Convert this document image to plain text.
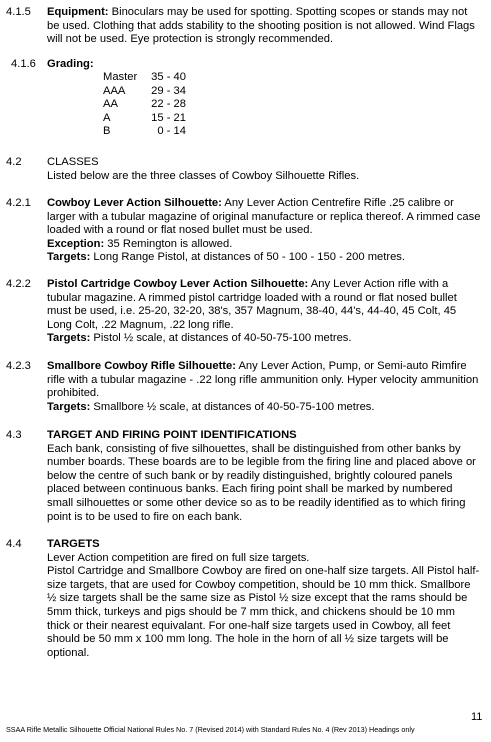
4.1.5 Equipment: Binoculars may be used for spotting. Spotting scopes or stands may not be used. Clothing that adds stability to the shooting position is not allowed. Wind Flags will not be used. Eye protection is strongly recommended.

4.1.6 Grading:

Master	35 - 40
AAA	29 - 34
AA	22 - 28
A	15 - 21
B	0 - 14
4.2 CLASSES

Listed below are the three classes of Cowboy Silhouette Rifles.

4.2.1 Cowboy Lever Action Silhouette: Any Lever Action Centrefire Rifle .25 calibre or larger with a tubular magazine of original manufacture or replica thereof. A rimmed case loaded with a round or flat nosed bullet must be used.

Exception: 35 Remington is allowed.

Targets: Long Range Pistol, at distances of 50 - 100 - 150 - 200 metres.

4.2.2 Pistol Cartridge Cowboy Lever Action Silhouette: Any Lever Action rifle with a tubular magazine. A rimmed pistol cartridge loaded with a round or flat nosed bullet must be used, i.e. 25-20, 32-20, 38's, 357 Magnum, 38-40, 44's, 44-40, 45 Colt, 45 Long Colt, .22 Magnum, .22 long rifle.

Targets: Pistol ½ scale, at distances of 40-50-75-100 metres.

4.2.3 Smallbore Cowboy Rifle Silhouette: Any Lever Action, Pump, or Semi-auto Rimfire rifle with a tubular magazine - .22 long rifle ammunition only. Hyper velocity ammunition prohibited.

Targets: Smallbore ½ scale, at distances of 40-50-75-100 metres.

4.3 TARGET AND FIRING POINT IDENTIFICATIONS

Each bank, consisting of five silhouettes, shall be distinguished from other banks by number boards. These boards are to be legible from the firing line and placed above or below the centre of such bank or by readily distinguished, brightly coloured panels placed between continuous banks. Each firing point shall be marked by numbered small silhouettes or some other device so as to be readily identified as to which firing point is to be used to fire on each bank.

4.4 TARGETS

Lever Action competition are fired on full size targets.

Pistol Cartridge and Smallbore Cowboy are fired on one-half size targets. All Pistol half-size targets, that are used for Cowboy competition, should be 10 mm thick. Smallbore ½ size targets shall be the same size as Pistol ½ size except that the rams should be 5mm thick, turkeys and pigs should be 7 mm thick, and chickens should be 10 mm thick or their nearest equivalant. For one-half size targets used in Cowboy, all feet should be 50 mm x 100 mm long. The hole in the horn of all ½ size targets will be optional.

11
SSAA Rifle Metallic Silhouette Official National Rules No. 7 (Revised 2014) with Standard Rules No. 4 (Rev 2013) Headings only
